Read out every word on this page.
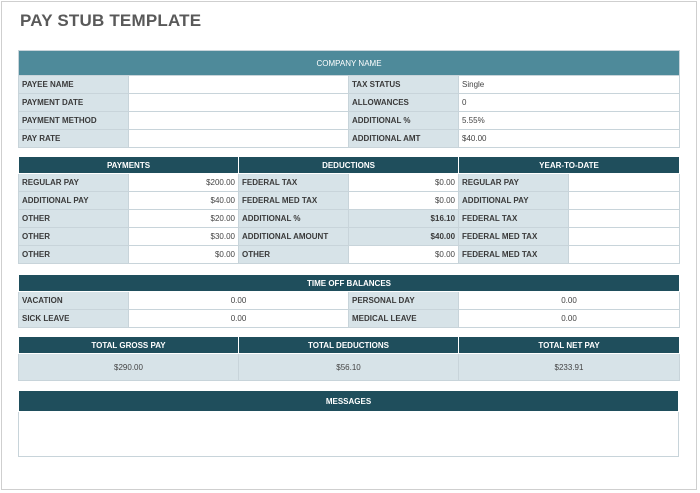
PAY STUB TEMPLATE
COMPANY NAME			
PAYEE NAME		TAX STATUS	Single
PAYMENT DATE		ALLOWANCES	0
PAYMENT METHOD		ADDITIONAL %	5.55%
PAY RATE		ADDITIONAL AMT	$40.00
PAYMENTS		DEDUCTIONS		YEAR-TO-DATE	
REGULAR PAY	$200.00	FEDERAL TAX	$0.00	REGULAR PAY	
ADDITIONAL PAY	$40.00	FEDERAL MED TAX	$0.00	ADDITIONAL PAY	
OTHER	$20.00	ADDITIONAL %	$16.10	FEDERAL TAX	
OTHER	$30.00	ADDITIONAL AMOUNT	$40.00	FEDERAL MED TAX	
OTHER	$0.00	OTHER	$0.00	FEDERAL MED TAX	
TIME OFF BALANCES			
VACATION	0.00	PERSONAL DAY	0.00
SICK LEAVE	0.00	MEDICAL LEAVE	0.00
TOTAL GROSS PAY	TOTAL DEDUCTIONS	TOTAL NET PAY
$290.00	$56.10	$233.91
MESSAGES
